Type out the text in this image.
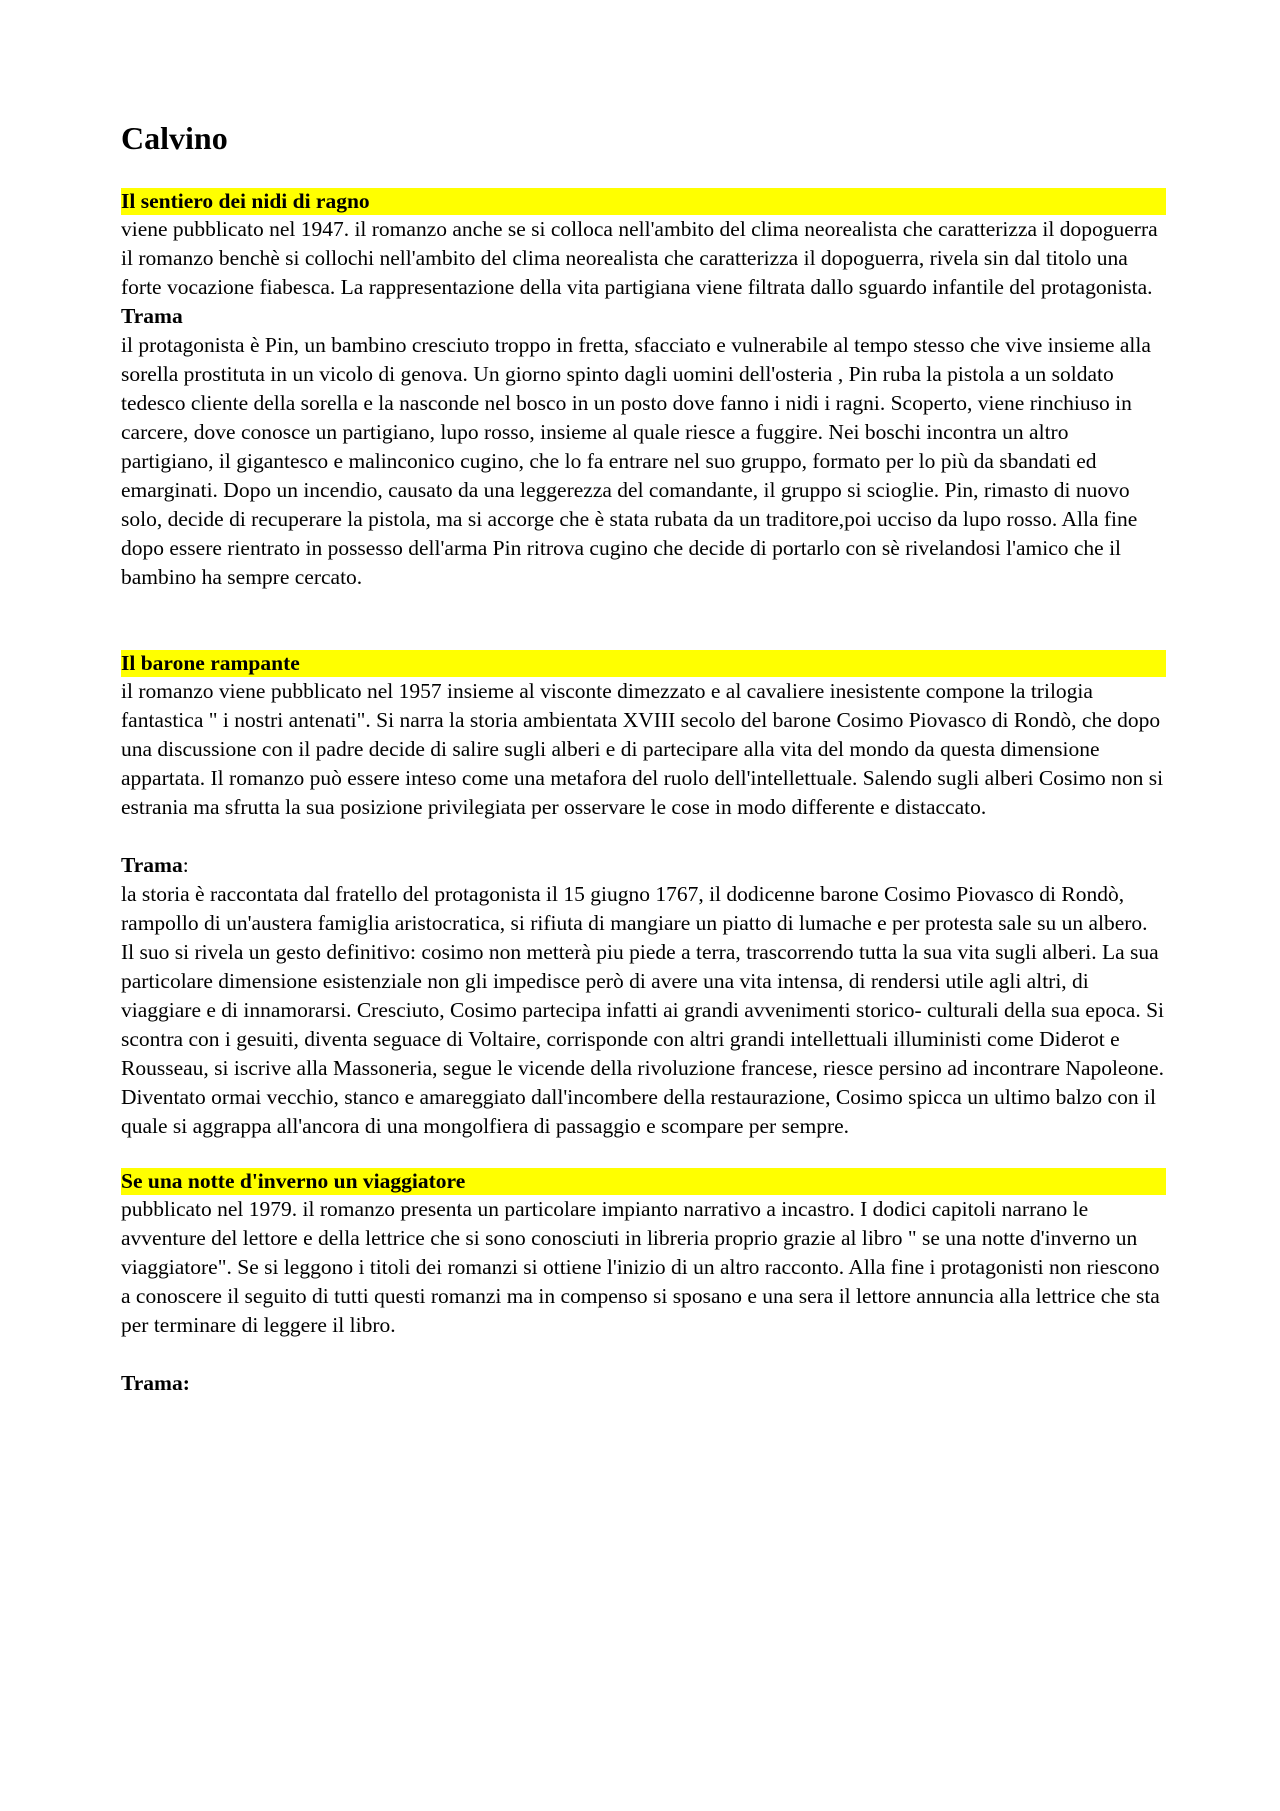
Calvino

Il sentiero dei nidi di ragno

viene pubblicato nel 1947. il romanzo anche se si colloca nell'ambito del clima neorealista che caratterizza il dopoguerra

il romanzo benchè si collochi nell'ambito del clima neorealista che caratterizza il dopoguerra, rivela sin dal titolo una forte vocazione fiabesca. La rappresentazione della vita partigiana viene filtrata dallo sguardo infantile del protagonista.

Trama

il protagonista è Pin, un bambino cresciuto troppo in fretta, sfacciato e vulnerabile al tempo stesso che vive insieme alla sorella prostituta in un vicolo di genova. Un giorno spinto dagli uomini dell'osteria , Pin ruba la pistola a un soldato tedesco cliente della sorella e la nasconde nel bosco in un posto dove fanno i nidi i ragni. Scoperto, viene rinchiuso in carcere, dove conosce un partigiano, lupo rosso, insieme al quale riesce a fuggire. Nei boschi incontra un altro partigiano, il gigantesco e malinconico cugino, che lo fa entrare nel suo gruppo, formato per lo più da sbandati ed emarginati. Dopo un incendio, causato da una leggerezza del comandante, il gruppo si scioglie. Pin, rimasto di nuovo solo, decide di recuperare la pistola, ma si accorge che è stata rubata da un traditore,poi ucciso da lupo rosso. Alla fine dopo essere rientrato in possesso dell'arma Pin ritrova cugino che decide di portarlo con sè rivelandosi l'amico che il bambino ha sempre cercato.

Il barone rampante

il romanzo viene pubblicato nel 1957 insieme al visconte dimezzato e al cavaliere inesistente compone la trilogia fantastica " i nostri antenati". Si narra la storia ambientata XVIII secolo del barone Cosimo Piovasco di Rondò, che dopo una discussione con il padre decide di salire sugli alberi e di partecipare alla vita del mondo da questa dimensione appartata. Il romanzo può essere inteso come una metafora del ruolo dell'intellettuale. Salendo sugli alberi Cosimo non si estrania ma sfrutta la sua posizione privilegiata per osservare le cose in modo differente e distaccato.

Trama:

la storia è raccontata dal fratello del protagonista il 15 giugno 1767, il dodicenne barone Cosimo Piovasco di Rondò, rampollo di un'austera famiglia aristocratica, si rifiuta di mangiare un piatto di lumache e per protesta sale su un albero. Il suo si rivela un gesto definitivo: cosimo non metterà piu piede a terra, trascorrendo tutta la sua vita sugli alberi. La sua particolare dimensione esistenziale non gli impedisce però di avere una vita intensa, di rendersi utile agli altri, di viaggiare e di innamorarsi. Cresciuto, Cosimo partecipa infatti ai grandi avvenimenti storico- culturali della sua epoca. Si scontra con i gesuiti, diventa seguace di Voltaire, corrisponde con altri grandi intellettuali illuministi come Diderot e Rousseau, si iscrive alla Massoneria, segue le vicende della rivoluzione francese, riesce persino ad incontrare Napoleone. Diventato ormai vecchio, stanco e amareggiato dall'incombere della restaurazione, Cosimo spicca un ultimo balzo con il quale si aggrappa all'ancora di una mongolfiera di passaggio e scompare per sempre.

Se una notte d'inverno un viaggiatore

pubblicato nel 1979. il romanzo presenta un particolare impianto narrativo a incastro. I dodici capitoli narrano le avventure del lettore e della lettrice che si sono conosciuti in libreria proprio grazie al libro " se una notte d'inverno un viaggiatore". Se si leggono i titoli dei romanzi si ottiene l'inizio di un altro racconto. Alla fine i protagonisti non riescono a conoscere il seguito di tutti questi romanzi ma in compenso si sposano e una sera il lettore annuncia alla lettrice che sta per terminare di leggere il libro.

Trama:
